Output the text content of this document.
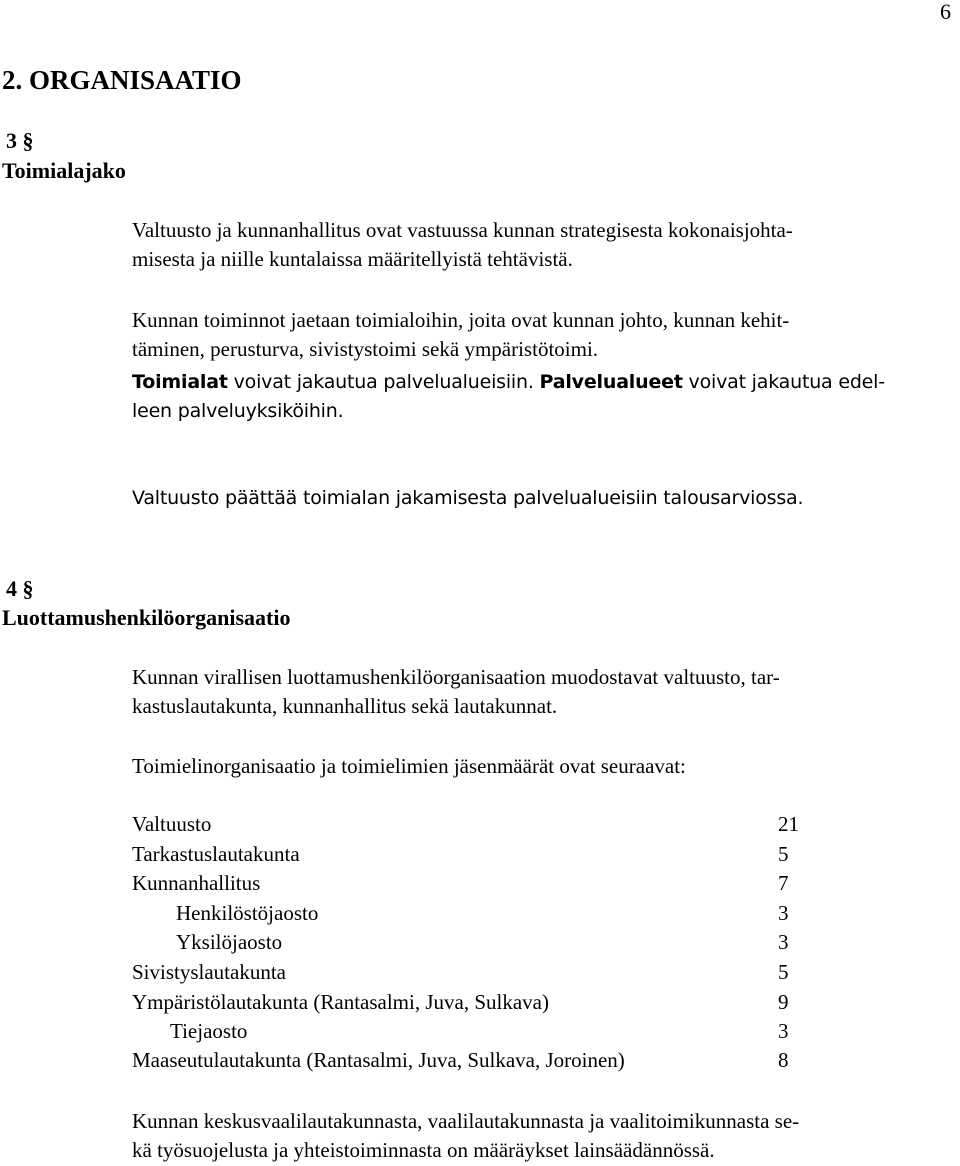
6
2. ORGANISAATIO
3 §
Toimialajako
Valtuusto ja kunnanhallitus ovat vastuussa kunnan strategisesta kokonaisjohta-
misesta ja niille kuntalaissa määritellyistä tehtävistä.
Kunnan toiminnot jaetaan toimialoihin, joita ovat kunnan johto, kunnan kehit-
täminen, perusturva, sivistystoimi sekä ympäristötoimi.
Toimialat voivat jakautua palvelualueisiin. Palvelualueet voivat jakautua edel-
leen palveluyksiköihin.
Valtuusto päättää toimialan jakamisesta palvelualueisiin talousarviossa.
4 §
Luottamushenkilöorganisaatio
Kunnan virallisen luottamushenkilöorganisaation muodostavat valtuusto, tar-
kastuslautakunta, kunnanhallitus sekä lautakunnat.
Toimielinorganisaatio ja toimielimien jäsenmäärät ovat seuraavat:
Valtuusto	21
Tarkastuslautakunta	5
Kunnanhallitus	7
Henkilöstöjaosto	3
Yksilöjaosto	3
Sivistyslautakunta	5
Ympäristölautakunta (Rantasalmi, Juva, Sulkava)	9
Tiejaosto	3
Maaseutulautakunta (Rantasalmi, Juva, Sulkava, Joroinen)	8
Kunnan keskusvaalilautakunnasta, vaalilautakunnasta ja vaalitoimikunnasta se-
kä työsuojelusta ja yhteistoiminnasta on määräykset lainsäädännössä.
